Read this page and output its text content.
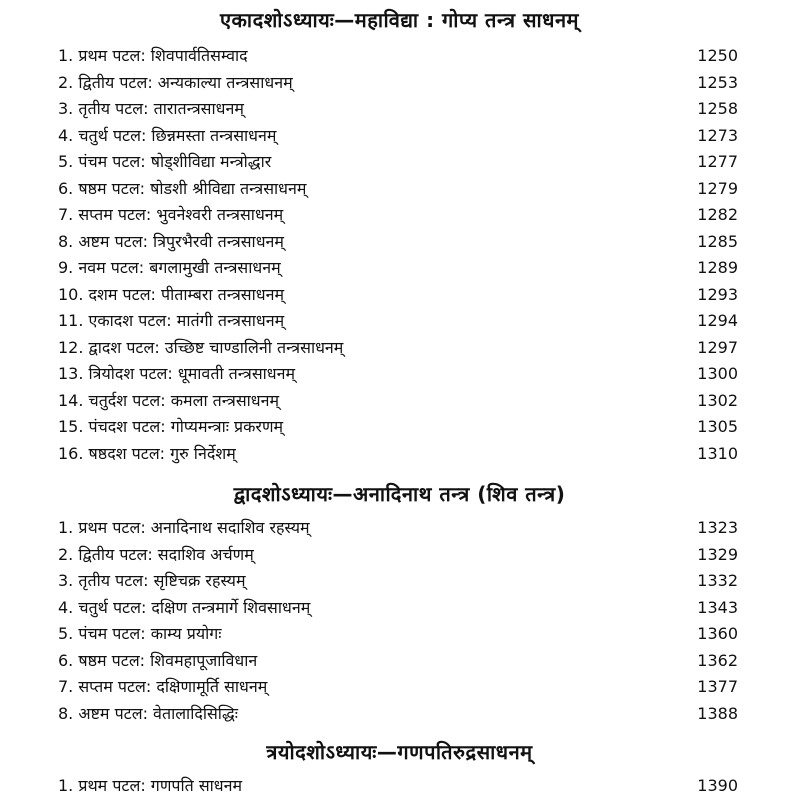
एकादशोऽध्यायः—महाविद्या : गोप्य तन्त्र साधनम्
1. प्रथम पटल: शिवपार्वतिसम्वाद	1250
2. द्वितीय पटल: अन्यकाल्या तन्त्रसाधनम्	1253
3. तृतीय पटल: तारातन्त्रसाधनम्	1258
4. चतुर्थ पटल: छिन्नमस्ता तन्त्रसाधनम्	1273
5. पंचम पटल: षोड्शीविद्या मन्त्रोद्धार	1277
6. षष्ठम पटल: षोडशी श्रीविद्या तन्त्रसाधनम्	1279
7. सप्तम पटल: भुवनेश्वरी तन्त्रसाधनम्	1282
8. अष्टम पटल: त्रिपुरभैरवी तन्त्रसाधनम्	1285
9. नवम पटल: बगलामुखी तन्त्रसाधनम्	1289
10. दशम पटल: पीताम्बरा तन्त्रसाधनम्	1293
11. एकादश पटल: मातंगी तन्त्रसाधनम्	1294
12. द्वादश पटल: उच्छिष्ट चाण्डालिनी तन्त्रसाधनम्	1297
13. त्रियोदश पटल: धूमावती तन्त्रसाधनम्	1300
14. चतुर्दश पटल: कमला तन्त्रसाधनम्	1302
15. पंचदश पटल: गोप्यमन्त्राः प्रकरणम्	1305
16. षष्ठदश पटल: गुरु निर्देशम्	1310
द्वादशोऽध्यायः—अनादिनाथ तन्त्र (शिव तन्त्र)
1. प्रथम पटल: अनादिनाथ सदाशिव रहस्यम्	1323
2. द्वितीय पटल: सदाशिव अर्चणम्	1329
3. तृतीय पटल: सृष्टिचक्र रहस्यम्	1332
4. चतुर्थ पटल: दक्षिण तन्त्रमार्गे शिवसाधनम्	1343
5. पंचम पटल: काम्य प्रयोगः	1360
6. षष्ठम पटल: शिवमहापूजाविधान	1362
7. सप्तम पटल: दक्षिणामूर्ति साधनम्	1377
8. अष्टम पटल: वेतालादिसिद्धिः	1388
त्रयोदशोऽध्यायः—गणपतिरुद्रसाधनम्
1. प्रथम पटल: गणपति साधनम	1390
